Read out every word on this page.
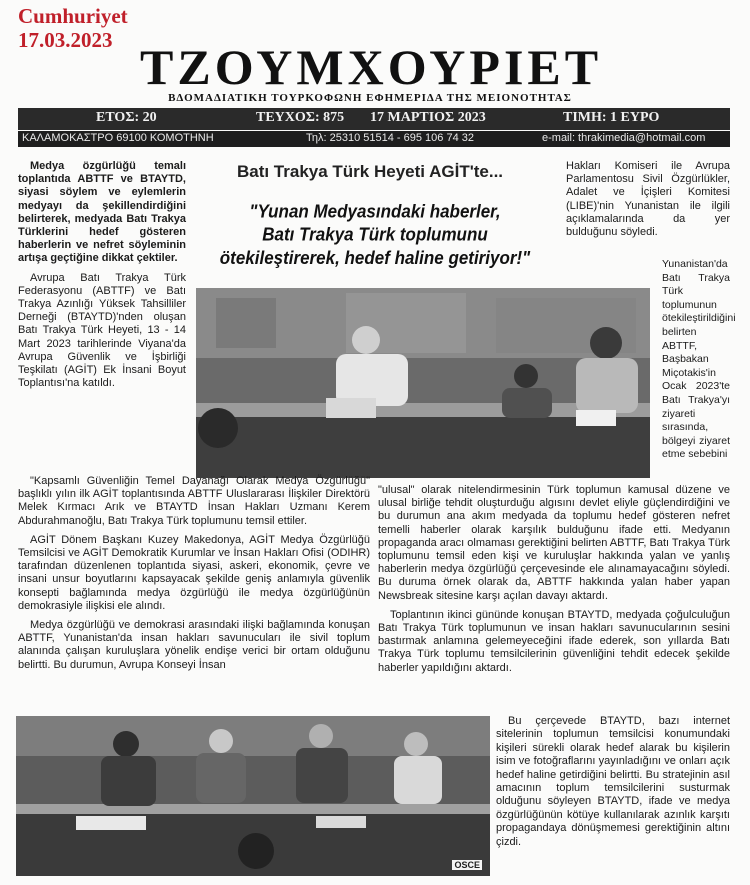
Cumhuriyet
17.03.2023 ΤΖΟΥΜΧΟΥΡΙΕΤ
ΒΔΟΜΑΔΙΑΤΙΚΗ ΤΟΥΡΚΟΦΩΝΗ ΕΦΗΜΕΡΙΔΑ ΤΗΣ ΜΕΙΟΝΟΤΗΤΑΣ
ΕΤΟΣ: 20	ΤΕΥΧΟΣ: 875 17 ΜΑΡΤΙΟΣ 2023	ΤΙΜΗ: 1 ΕΥΡΟ
ΚΑΛΑΜΟΚΑΣΤΡΟ 69100 ΚΟΜΟΤΗΝΗ	Τηλ: 25310 51514 - 695 106 74 32	e-mail: thrakimedia@hotmail.com

Medya özgürlüğü temalı toplantıda ABTTF ve BTAYTD, siyasi söylem ve eylemlerin medyayı da şekillendirdiğini belirterek, medyada Batı Trakya Türklerini hedef gösteren haberlerin ve nefret söyleminin artışa geçtiğine dikkat çektiler.

Avrupa Batı Trakya Türk Federasyonu (ABTTF) ve Batı Trakya Azınlığı Yüksek Tahsilliler Derneği (BTAYTD)'nden oluşan Batı Trakya Türk Heyeti, 13 - 14 Mart 2023 tarihlerinde Viyana'da Avrupa Güvenlik ve İşbirliği Teşkilatı (AGİT) Ek İnsani Boyut Toplantısı'na katıldı.

Batı Trakya Türk Heyeti AGİT'te...
"Yunan Medyasındaki haberler,
Batı Trakya Türk toplumunu
ötekileştirerek, hedef haline getiriyor!"

"Kapsamlı Güvenliğin Temel Dayanağı Olarak Medya Özgürlüğü" başlıklı yılın ilk AGİT toplantısında ABTTF Uluslararası İlişkiler Direktörü Melek Kırmacı Arık ve BTAYTD İnsan Hakları Uzmanı Kerem Abdurahmanoğlu, Batı Trakya Türk toplumunu temsil ettiler.

AGİT Dönem Başkanı Kuzey Makedonya, AGİT Medya Özgürlüğü Temsilcisi ve AGİT Demokratik Kurumlar ve İnsan Hakları Ofisi (ODIHR) tarafından düzenlenen toplantıda siyasi, askeri, ekonomik, çevre ve insani unsur boyutlarını kapsayacak şekilde geniş anlamıyla güvenlik konsepti bağlamında medya özgürlüğü ile medya özgürlüğünün demokrasiyle ilişkisi ele alındı.

Medya özgürlüğü ve demokrasi arasındaki ilişki bağlamında konuşan ABTTF, Yunanistan'da insan hakları savunucuları ile sivil toplum alanında çalışan kuruluşlara yönelik endişe verici bir ortam olduğunu belirtti. Bu durumun, Avrupa Konseyi İnsan

Hakları Komiseri ile Avrupa Parlamentosu Sivil Özgürlükler, Adalet ve İçişleri Komitesi (LIBE)'nin Yunanistan ile ilgili açıklamalarında da yer bulduğunu söyledi.

Yunanistan'da Batı Trakya Türk toplumunun ötekileştirildiğini belirten ABTTF, Başbakan Miçotakis'in Ocak 2023'te Batı Trakya'yı ziyareti sırasında, bölgeyi ziyaret etme sebebini

"ulusal" olarak nitelendirmesinin Türk toplumun kamusal düzene ve ulusal birliğe tehdit oluşturduğu algısını devlet eliyle güçlendirdiğini ve bu durumun ana akım medyada da toplumu hedef gösteren nefret temelli haberler olarak karşılık bulduğunu ifade etti. Medyanın propaganda aracı olmaması gerektiğini belirten ABTTF, Batı Trakya Türk toplumunu temsil eden kişi ve kuruluşlar hakkında yalan ve yanlış haberlerin medya özgürlüğü çerçevesinde ele alınamayacağını söyledi. Bu duruma örnek olarak da, ABTTF hakkında yalan haber yapan Newsbreak sitesine karşı açılan davayı aktardı.

Toplantının ikinci gününde konuşan BTAYTD, medyada çoğulculuğun Batı Trakya Türk toplumunun ve insan hakları savunucularının sesini bastırmak anlamına gelemeyeceğini ifade ederek, son yıllarda Batı Trakya Türk toplumu temsilcilerinin güvenliğini tehdit edecek şekilde haberler yapıldığını aktardı.

OSCE

Bu çerçevede BTAYTD, bazı internet sitelerinin toplumun temsilcisi konumundaki kişileri sürekli olarak hedef alarak bu kişilerin isim ve fotoğraflarını yayınladığını ve onları açık hedef haline getirdiğini belirtti. Bu stratejinin asıl amacının toplum temsilcilerini susturmak olduğunu söyleyen BTAYTD, ifade ve medya özgürlüğünün kötüye kullanılarak azınlık karşıtı propagandaya dönüşmemesi gerektiğinin altını çizdi.
